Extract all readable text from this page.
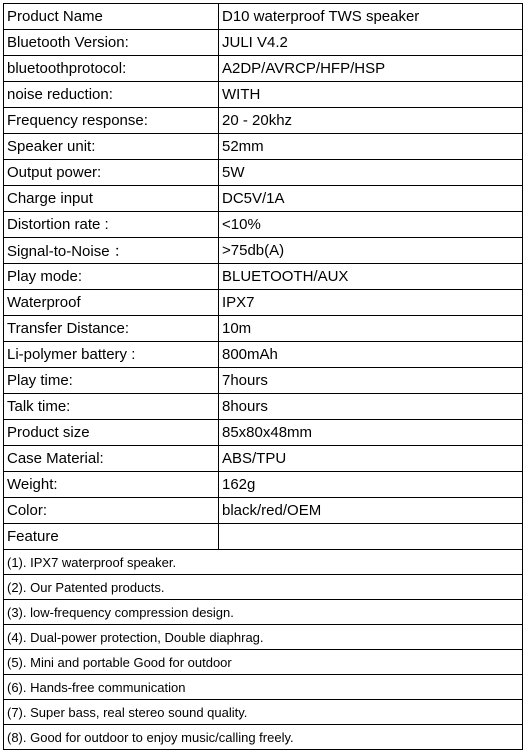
Product Name	D10 waterproof TWS speaker
Bluetooth Version:	JULI V4.2
bluetoothprotocol:	A2DP/AVRCP/HFP/HSP
noise reduction:	WITH
Frequency response:	20 - 20khz
Speaker unit:	52mm
Output power:	5W
Charge input	DC5V/1A
Distortion rate :	<10%
Signal-to-Noise ：	>75db(A)
Play mode:	BLUETOOTH/AUX
Waterproof	IPX7
Transfer Distance:	10m
Li-polymer battery :	800mAh
Play time:	7hours
Talk time:	8hours
Product size	85x80x48mm
Case Material:	ABS/TPU
Weight:	162g
Color:	black/red/OEM
Feature	
(1). IPX7 waterproof speaker.	
(2). Our Patented products.	
(3). low-frequency compression design.	
(4). Dual-power protection, Double diaphrag.	
(5). Mini and portable Good for outdoor	
(6). Hands-free communication	
(7). Super bass, real stereo sound quality.	
(8). Good for outdoor to enjoy music/calling freely.	
